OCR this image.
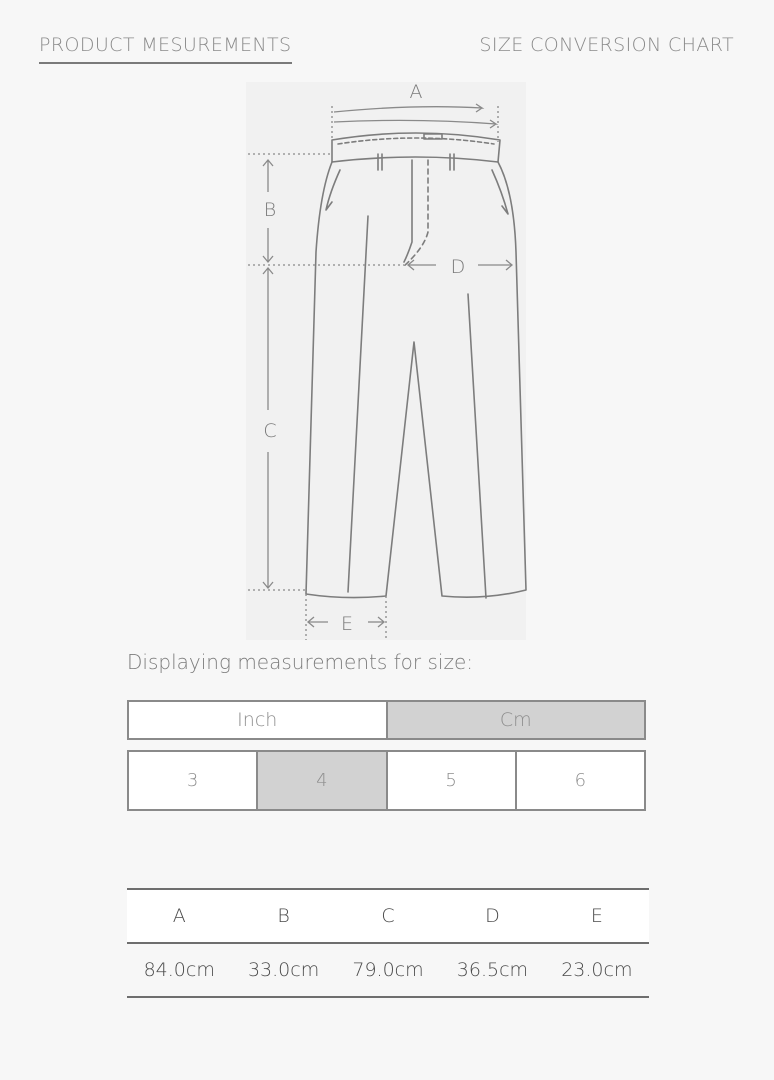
PRODUCT MESUREMENTS	SIZE CONVERSION CHART
A
B
C
D
E
Displaying measurements for size:
Inch	Cm
3	4	5	6
A	B	C	D	E
84.0cm	33.0cm	79.0cm	36.5cm	23.0cm
